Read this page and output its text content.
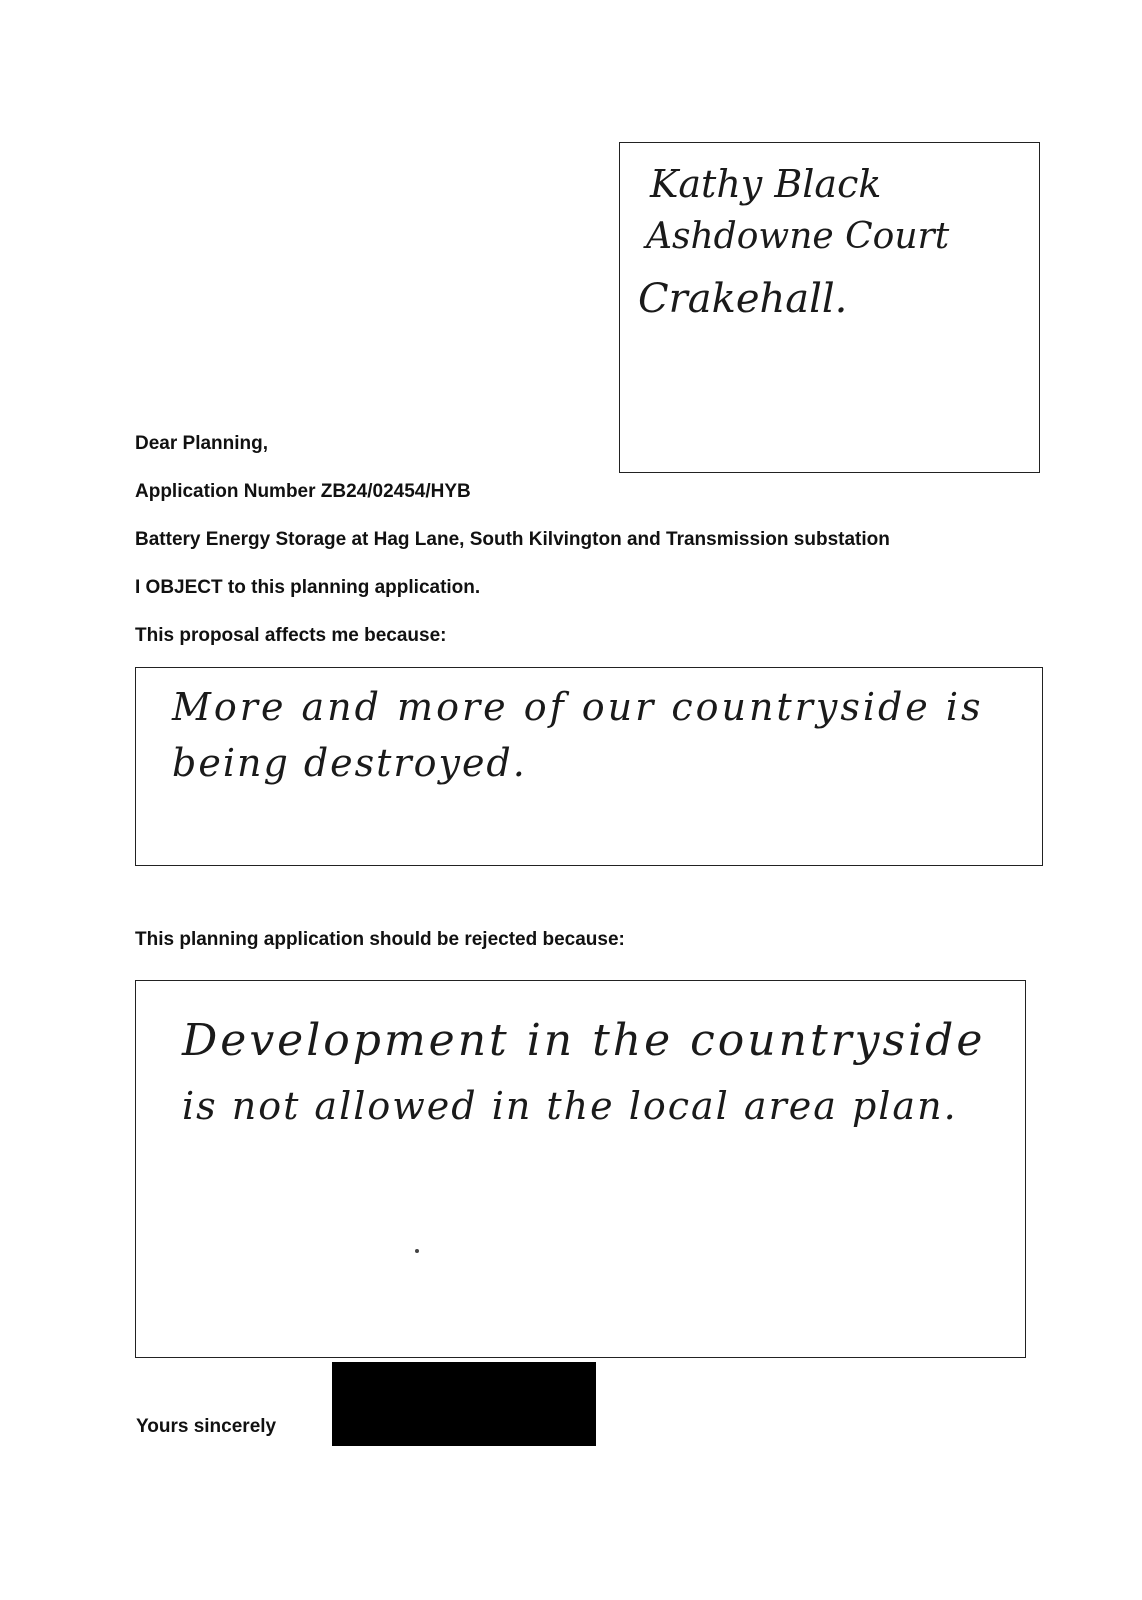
Kathy Black
Ashdowne Court
Crakehall.
Dear Planning,
Application Number ZB24/02454/HYB
Battery Energy Storage at Hag Lane, South Kilvington and Transmission substation
I OBJECT to this planning application.
This proposal affects me because:
More and more of our countryside is
being destroyed.
This planning application should be rejected because:
Development in the countryside
is not allowed in the local area plan.
Yours sincerely
